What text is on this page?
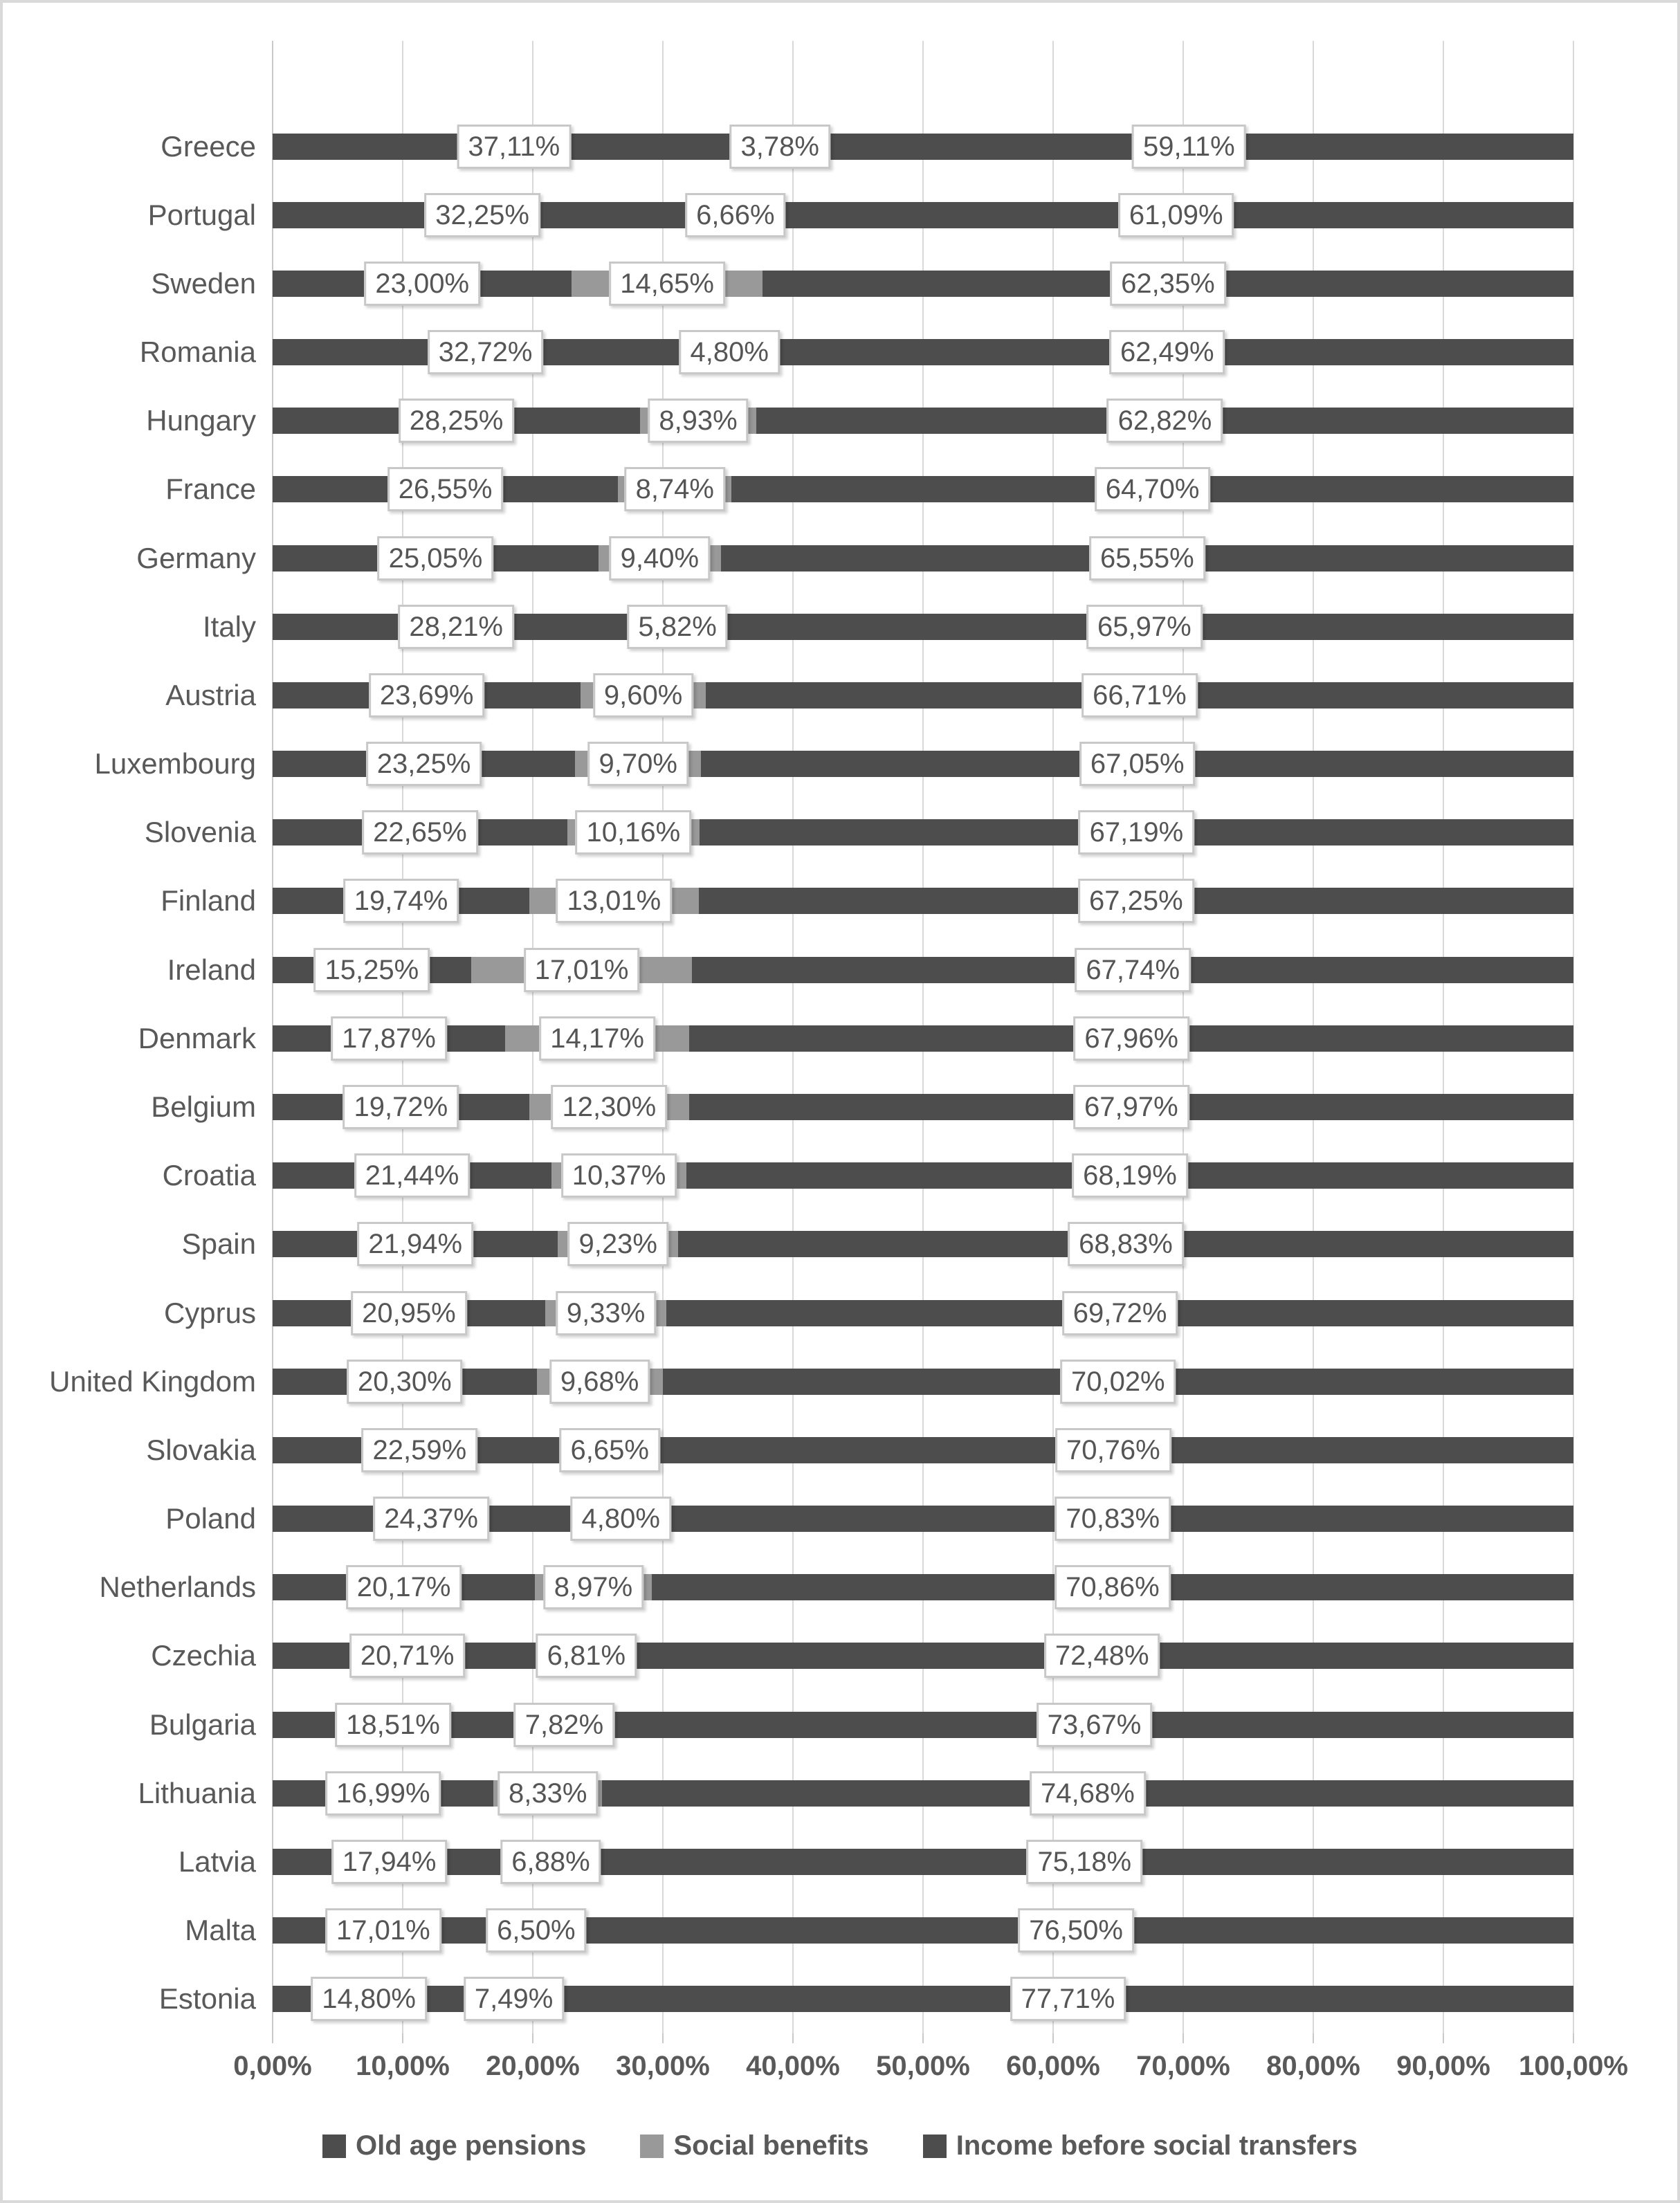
Greece	37,11%	3,78%	59,11%
Portugal	32,25%	6,66%	61,09%
Sweden	23,00%	14,65%	62,35%
Romania	32,72%	4,80%	62,49%
Hungary	28,25%	8,93%	62,82%
France	26,55%	8,74%	64,70%
Germany	25,05%	9,40%	65,55%
Italy	28,21%	5,82%	65,97%
Austria	23,69%	9,60%	66,71%
Luxembourg	23,25%	9,70%	67,05%
Slovenia	22,65%	10,16%	67,19%
Finland	19,74%	13,01%	67,25%
Ireland	15,25%	17,01%	67,74%
Denmark	17,87%	14,17%	67,96%
Belgium	19,72%	12,30%	67,97%
Croatia	21,44%	10,37%	68,19%
Spain	21,94%	9,23%	68,83%
Cyprus	20,95%	9,33%	69,72%
United Kingdom	20,30%	9,68%	70,02%
Slovakia	22,59%	6,65%	70,76%
Poland	24,37%	4,80%	70,83%
Netherlands	20,17%	8,97%	70,86%
Czechia	20,71%	6,81%	72,48%
Bulgaria	18,51%	7,82%	73,67%
Lithuania	16,99%	8,33%	74,68%
Latvia	17,94%	6,88%	75,18%
Malta	17,01%	6,50%	76,50%
Estonia	14,80%	7,49%	77,71%
0,00% 10,00% 20,00% 30,00% 40,00% 50,00% 60,00% 70,00% 80,00% 90,00% 100,00%
Old age pensions	Social benefits	Income before social transfers
